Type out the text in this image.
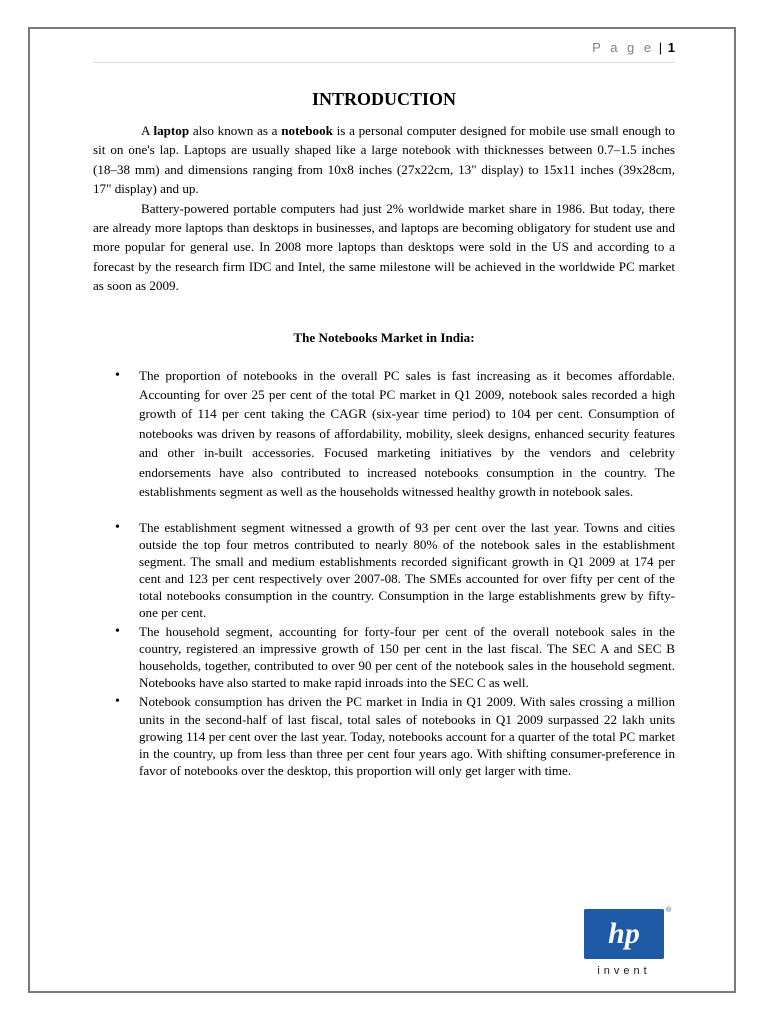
P a g e | 1
INTRODUCTION

A laptop also known as a notebook is a personal computer designed for mobile use small enough to sit on one's lap. Laptops are usually shaped like a large notebook with thicknesses between 0.7–1.5 inches (18–38 mm) and dimensions ranging from 10x8 inches (27x22cm, 13" display) to 15x11 inches (39x28cm, 17" display) and up.

Battery-powered portable computers had just 2% worldwide market share in 1986. But today, there are already more laptops than desktops in businesses, and laptops are becoming obligatory for student use and more popular for general use. In 2008 more laptops than desktops were sold in the US and according to a forecast by the research firm IDC and Intel, the same milestone will be achieved in the worldwide PC market as soon as 2009.

The Notebooks Market in India:
• The proportion of notebooks in the overall PC sales is fast increasing as it becomes affordable. Accounting for over 25 per cent of the total PC market in Q1 2009, notebook sales recorded a high growth of 114 per cent taking the CAGR (six-year time period) to 104 per cent. Consumption of notebooks was driven by reasons of affordability, mobility, sleek designs, enhanced security features and other in-built accessories. Focused marketing initiatives by the vendors and celebrity endorsements have also contributed to increased notebooks consumption in the country. The establishments segment as well as the households witnessed healthy growth in notebook sales.
• The establishment segment witnessed a growth of 93 per cent over the last year. Towns and cities outside the top four metros contributed to nearly 80% of the notebook sales in the establishment segment. The small and medium establishments recorded significant growth in Q1 2009 at 174 per cent and 123 per cent respectively over 2007-08. The SMEs accounted for over fifty per cent of the total notebooks consumption in the country. Consumption in the large establishments grew by fifty-one per cent.
• The household segment, accounting for forty-four per cent of the overall notebook sales in the country, registered an impressive growth of 150 per cent in the last fiscal. The SEC A and SEC B households, together, contributed to over 90 per cent of the notebook sales in the household segment. Notebooks have also started to make rapid inroads into the SEC C as well.
• Notebook consumption has driven the PC market in India in Q1 2009. With sales crossing a million units in the second-half of last fiscal, total sales of notebooks in Q1 2009 surpassed 22 lakh units growing 114 per cent over the last year. Today, notebooks account for a quarter of the total PC market in the country, up from less than three per cent four years ago. With shifting consumer-preference in favor of notebooks over the desktop, this proportion will only get larger with time.
hp
®
invent
